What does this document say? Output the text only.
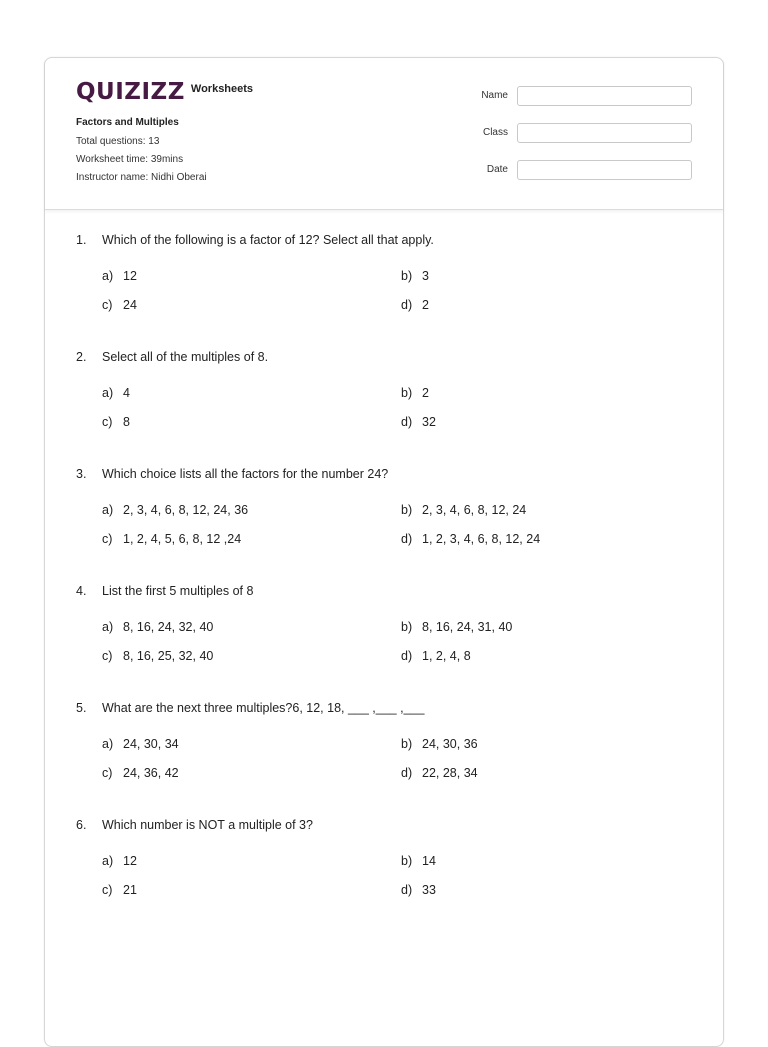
QUIZIZZ Worksheets
Factors and Multiples
Total questions: 13
Worksheet time: 39mins
Instructor name: Nidhi Oberai
Name
Class
Date
1. Which of the following is a factor of 12? Select all that apply.
a) 12	b) 3
c) 24	d) 2
2. Select all of the multiples of 8.
a) 4	b) 2
c) 8	d) 32
3. Which choice lists all the factors for the number 24?
a) 2, 3, 4, 6, 8, 12, 24, 36	b) 2, 3, 4, 6, 8, 12, 24
c) 1, 2, 4, 5, 6, 8, 12 ,24	d) 1, 2, 3, 4, 6, 8, 12, 24
4. List the first 5 multiples of 8
a) 8, 16, 24, 32, 40	b) 8, 16, 24, 31, 40
c) 8, 16, 25, 32, 40	d) 1, 2, 4, 8
5. What are the next three multiples?6, 12, 18, ___ ,___ ,___
a) 24, 30, 34	b) 24, 30, 36
c) 24, 36, 42	d) 22, 28, 34
6. Which number is NOT a multiple of 3?
a) 12	b) 14
c) 21	d) 33
